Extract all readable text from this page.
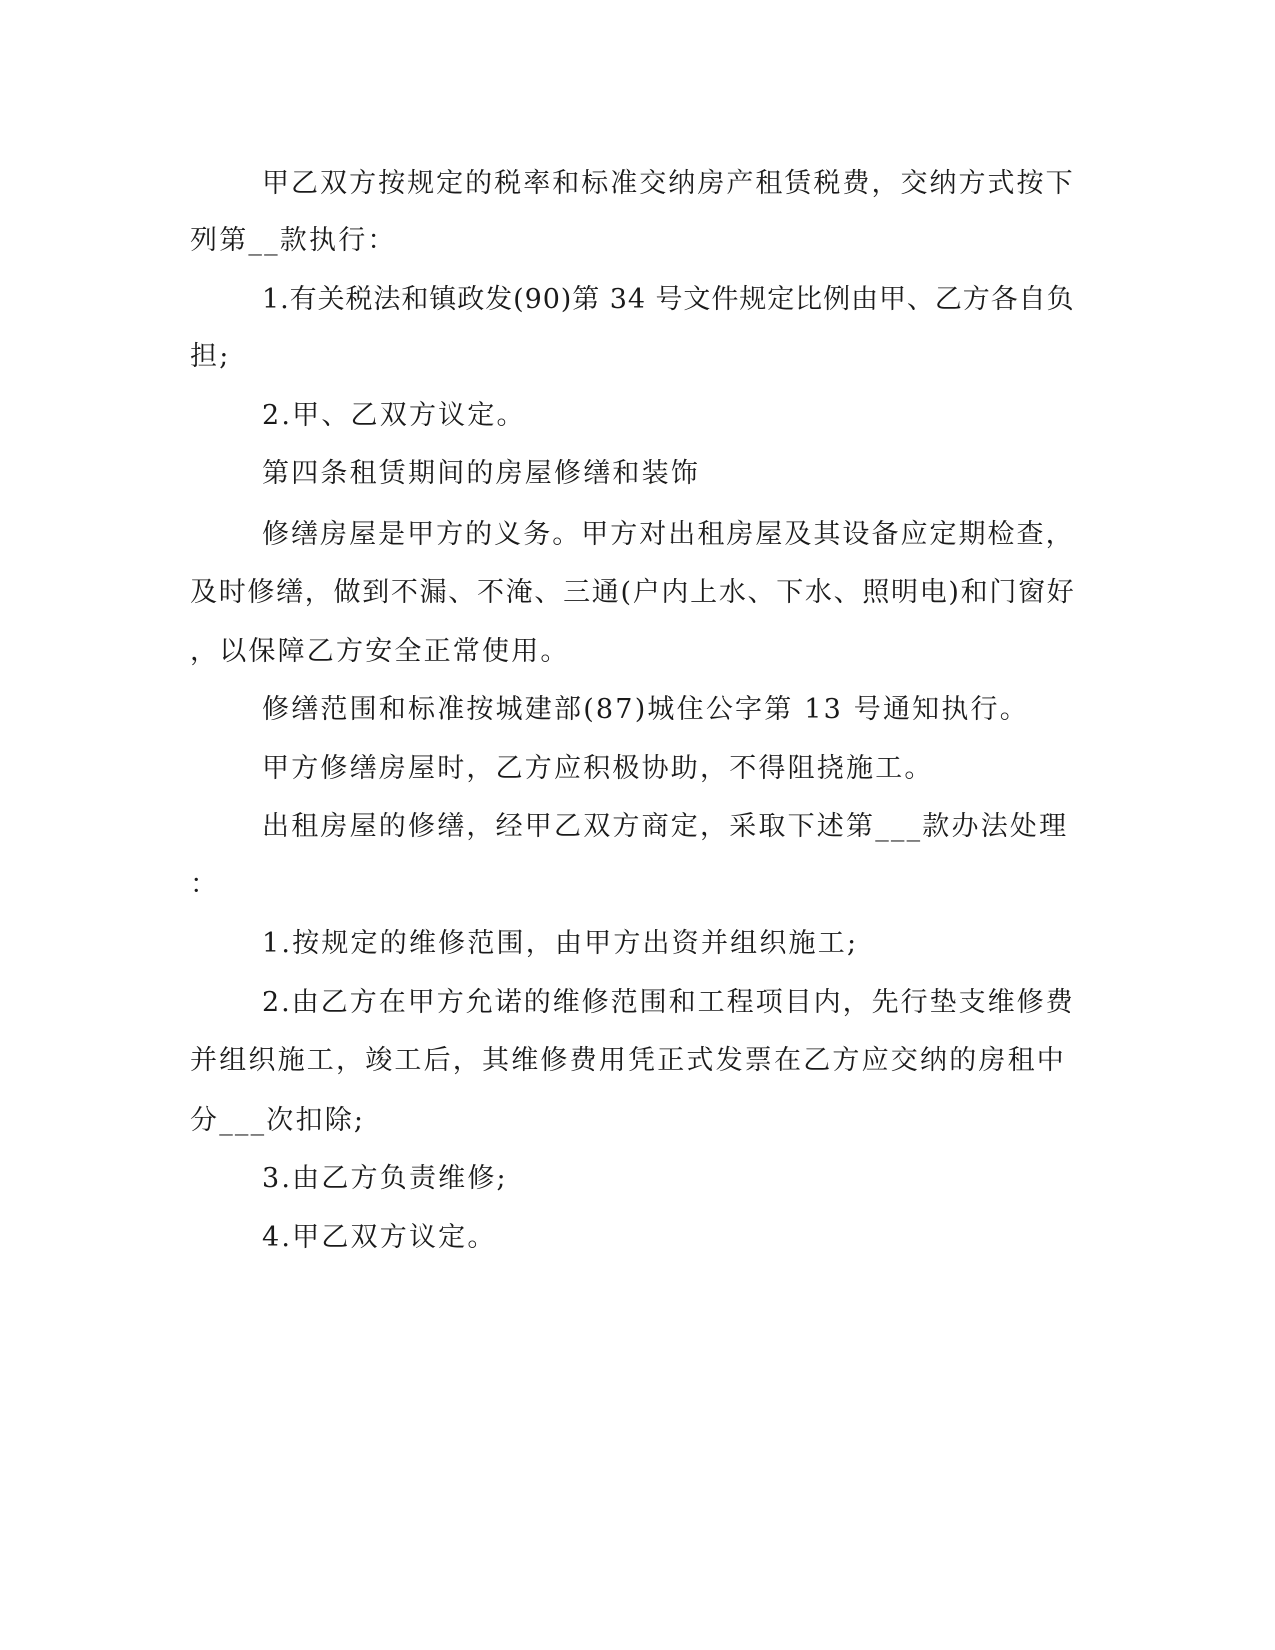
甲乙双方按规定的税率和标准交纳房产租赁税费，交纳方式按下

列第__款执行：

1.有关税法和镇政发(90)第 34 号文件规定比例由甲、乙方各自负

担;

2.甲、乙双方议定。

第四条租赁期间的房屋修缮和装饰

修缮房屋是甲方的义务。甲方对出租房屋及其设备应定期检查，

及时修缮，做到不漏、不淹、三通(户内上水、下水、照明电)和门窗好

，以保障乙方安全正常使用。

修缮范围和标准按城建部(87)城住公字第 13 号通知执行。

甲方修缮房屋时，乙方应积极协助，不得阻挠施工。

出租房屋的修缮，经甲乙双方商定，采取下述第___款办法处理

：

1.按规定的维修范围，由甲方出资并组织施工;

2.由乙方在甲方允诺的维修范围和工程项目内，先行垫支维修费

并组织施工，竣工后，其维修费用凭正式发票在乙方应交纳的房租中

分___次扣除;

3.由乙方负责维修;

4.甲乙双方议定。
